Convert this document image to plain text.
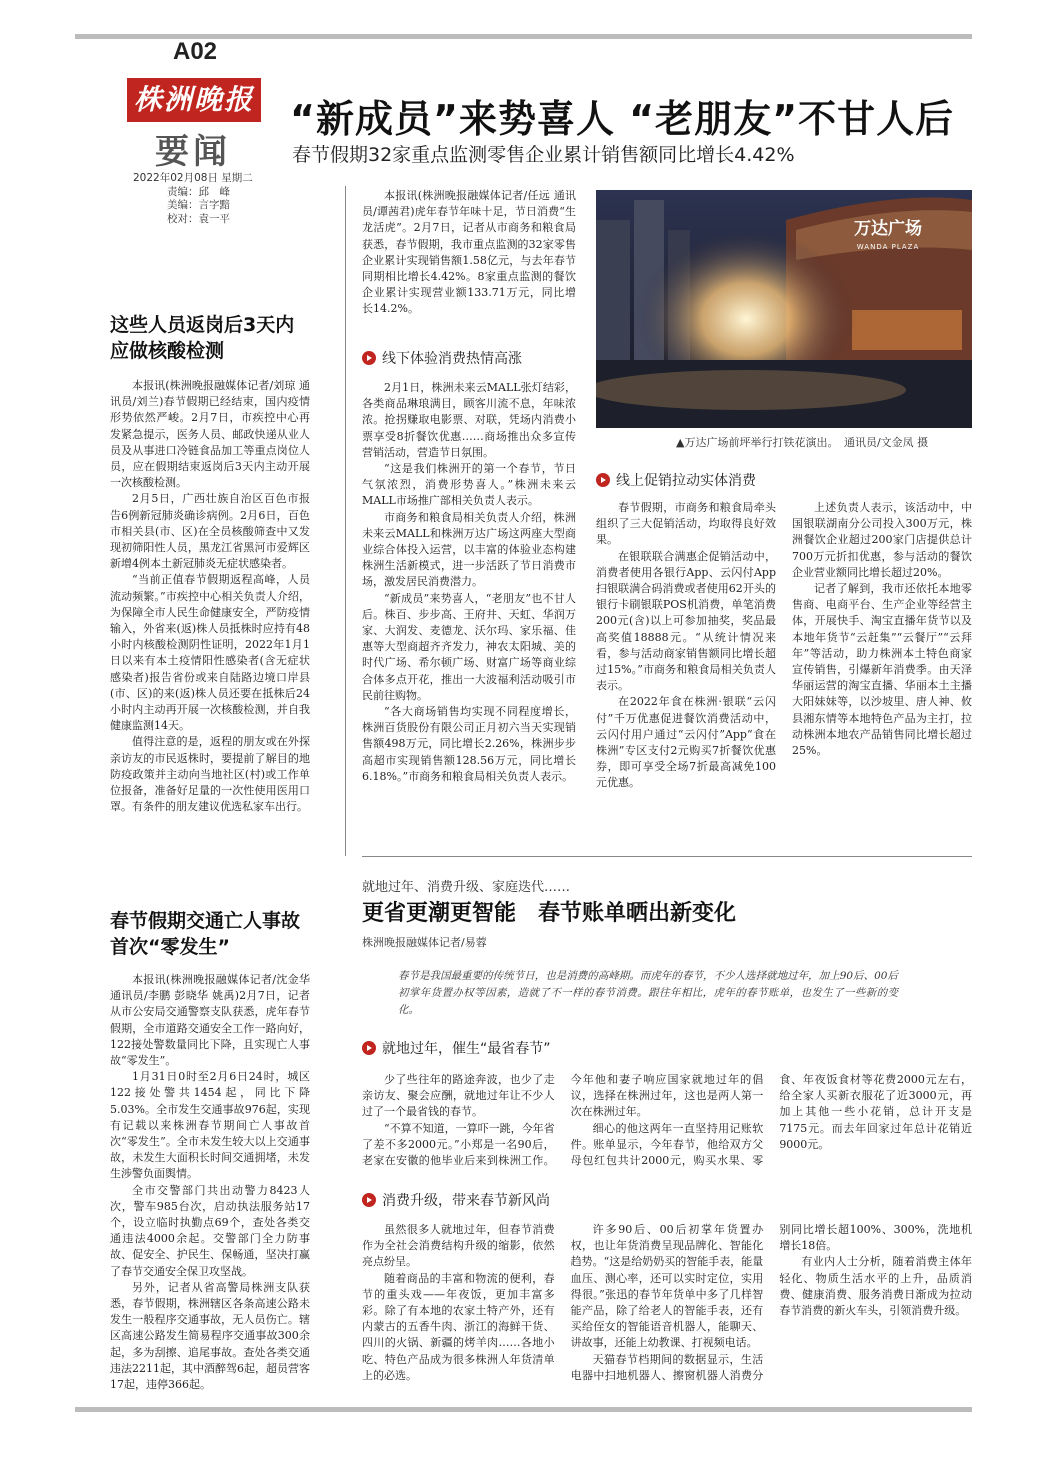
A02
株洲晚报
要闻
2022年02月08日 星期二
责编：邱　峰
美编：言字黯
校对：袁一平
“新成员”来势喜人 “老朋友”不甘人后
春节假期32家重点监测零售企业累计销售额同比增长4.42%
这些人员返岗后3天内应做核酸检测

本报讯(株洲晚报融媒体记者/刘琼 通讯员/刘兰)春节假期已经结束，国内疫情形势依然严峻。2月7日，市疾控中心再发紧急提示，医务人员、邮政快递从业人员及从事进口冷链食品加工等重点岗位人员，应在假期结束返岗后3天内主动开展一次核酸检测。

2月5日，广西壮族自治区百色市报告6例新冠肺炎确诊病例。2月6日，百色市相关县(市、区)在全员核酸筛查中又发现初筛阳性人员，黑龙江省黑河市爱辉区新增4例本土新冠肺炎无症状感染者。

“当前正值春节假期返程高峰，人员流动频繁。”市疾控中心相关负责人介绍，为保障全市人民生命健康安全，严防疫情输入，外省来(返)株人员抵株时应持有48小时内核酸检测阴性证明，2022年1月1日以来有本土疫情阳性感染者(含无症状感染者)报告省份或来自陆路边境口岸县(市、区)的来(返)株人员还要在抵株后24小时内主动再开展一次核酸检测，并自我健康监测14天。

值得注意的是，返程的朋友或在外探亲访友的市民返株时，要提前了解目的地防疫政策并主动向当地社区(村)或工作单位报备，准备好足量的一次性使用医用口罩。有条件的朋友建议优选私家车出行。

春节假期交通亡人事故首次“零发生”

本报讯(株洲晚报融媒体记者/沈金华 通讯员/李鹏 彭晓华 姚禹)2月7日，记者从市公安局交通警察支队获悉，虎年春节假期，全市道路交通安全工作一路向好，122接处警数量同比下降，且实现亡人事故“零发生”。

1月31日0时至2月6日24时，城区122接处警共1454起，同比下降5.03%。全市发生交通事故976起，实现有记载以来株洲春节期间亡人事故首次“零发生”。全市未发生较大以上交通事故，未发生大面积长时间交通拥堵，未发生涉警负面舆情。

全市交警部门共出动警力8423人次，警车985台次，启动执法服务站17个，设立临时执勤点69个，查处各类交通违法4000余起。交警部门全力防事故、促安全、护民生、保畅通，坚决打赢了春节交通安全保卫攻坚战。

另外，记者从省高警局株洲支队获悉，春节假期，株洲辖区各条高速公路未发生一般程序交通事故，无人员伤亡。辖区高速公路发生简易程序交通事故300余起，多为刮擦、追尾事故。查处各类交通违法2211起，其中酒醉驾6起，超员营客17起，违停366起。

本报讯(株洲晚报融媒体记者/任远 通讯员/谭茜君)虎年春节年味十足，节日消费“生龙活虎”。2月7日，记者从市商务和粮食局获悉，春节假期，我市重点监测的32家零售企业累计实现销售额1.58亿元，与去年春节同期相比增长4.42%。8家重点监测的餐饮企业累计实现营业额133.71万元，同比增长14.2%。

线下体验消费热情高涨

2月1日，株洲未来云MALL张灯结彩，各类商品琳琅满目，顾客川流不息，年味浓浓。抢拐赚取电影票、对联，凭场内消费小票享受8折餐饮优惠……商场推出众多宣传营销活动，营造节日氛围。

“这是我们株洲开的第一个春节，节日气氛浓烈，消费形势喜人。”株洲未来云MALL市场推广部相关负责人表示。

市商务和粮食局相关负责人介绍，株洲未来云MALL和株洲万达广场这两座大型商业综合体投入运营，以丰富的体验业态构建株洲生活新模式，进一步活跃了节日消费市场，激发居民消费潜力。

“新成员”来势喜人，“老朋友”也不甘人后。株百、步步高、王府井、天虹、华润万家、大润发、麦德龙、沃尔玛、家乐福、佳惠等大型商超齐齐发力，神农太阳城、美的时代广场、希尔顿广场、财富广场等商业综合体多点开花，推出一大波福利活动吸引市民前往购物。

“各大商场销售均实现不同程度增长，株洲百货股份有限公司正月初六当天实现销售额498万元，同比增长2.26%，株洲步步高超市实现销售额128.56万元，同比增长6.18%。”市商务和粮食局相关负责人表示。

万达广场
WANDA PLAZA
▲万达广场前坪举行打铁花演出。　通讯员/文金凤 摄
线上促销拉动实体消费

春节假期，市商务和粮食局牵头组织了三大促销活动，均取得良好效果。

在银联联合满惠企促销活动中，消费者使用各银行App、云闪付App扫银联满合码消费或者使用62开头的银行卡刷银联POS机消费，单笔消费200元(含)以上可参加抽奖，奖品最高奖值18888元。“从统计情况来看，参与活动商家销售额同比增长超过15%。”市商务和粮食局相关负责人表示。

在2022年食在株洲·银联“云闪付”千万优惠促进餐饮消费活动中，云闪付用户通过“云闪付”App“食在株洲”专区支付2元购买7折餐饮优惠券，即可享受全场7折最高减免100元优惠。

上述负责人表示，该活动中，中国银联湖南分公司投入300万元，株洲餐饮企业超过200家门店提供总计700万元折扣优惠，参与活动的餐饮企业营业额同比增长超过20%。

记者了解到，我市还依托本地零售商、电商平台、生产企业等经营主体，开展快手、淘宝直播年货节以及本地年货节“云赶集”“云餐厅”“云拜年”等活动，助力株洲本土特色商家宣传销售，引爆新年消费季。由天泽华丽运营的淘宝直播、华丽本土主播大阳妹妹等，以沙坡里、唐人神、攸县湘东情等本地特色产品为主打，拉动株洲本地农产品销售同比增长超过25%。

就地过年、消费升级、家庭迭代……
更省更潮更智能　春节账单晒出新变化
株洲晚报融媒体记者/易蓉
春节是我国最重要的传统节日，也是消费的高峰期。而虎年的春节，不少人选择就地过年，加上90后、00后初掌年货置办权等因素，造就了不一样的春节消费。跟往年相比，虎年的春节账单，也发生了一些新的变化。
就地过年，催生“最省春节”

少了些往年的路途奔波，也少了走亲访友、聚会应酬，就地过年让不少人过了一个最省钱的春节。

“不算不知道，一算吓一跳，今年省了差不多2000元。”小郑是一名90后，老家在安徽的他毕业后来到株洲工作。今年他和妻子响应国家就地过年的倡议，选择在株洲过年，这也是两人第一次在株洲过年。

细心的他这两年一直坚持用记账软件。账单显示，今年春节，他给双方父母包红包共计2000元，购买水果、零食、年夜饭食材等花费2000元左右，给全家人买新衣服花了近3000元，再加上其他一些小花销，总计开支是7175元。而去年回家过年总计花销近9000元。

消费升级，带来春节新风尚

虽然很多人就地过年，但春节消费作为全社会消费结构升级的缩影，依然亮点纷呈。

随着商品的丰富和物流的便利，春节的重头戏——年夜饭，更加丰富多彩。除了有本地的农家土特产外，还有内蒙古的五香牛肉、浙江的海鲜干货、四川的火锅、新疆的烤羊肉……各地小吃、特色产品成为很多株洲人年货清单上的必选。

许多90后、00后初掌年货置办权，也让年货消费呈现品牌化、智能化趋势。“这是给奶奶买的智能手表，能量血压、测心率，还可以实时定位，实用得很。”张迅的春节年货单中多了几样智能产品，除了给老人的智能手表，还有买给侄女的智能语音机器人，能聊天、讲故事，还能上幼教课、打视频电话。

天猫春节档期间的数据显示，生活电器中扫地机器人、擦窗机器人消费分别同比增长超100%、300%，洗地机增长18倍。

有业内人士分析，随着消费主体年轻化、物质生活水平的上升，品质消费、健康消费、服务消费日渐成为拉动春节消费的新火车头，引领消费升级。
